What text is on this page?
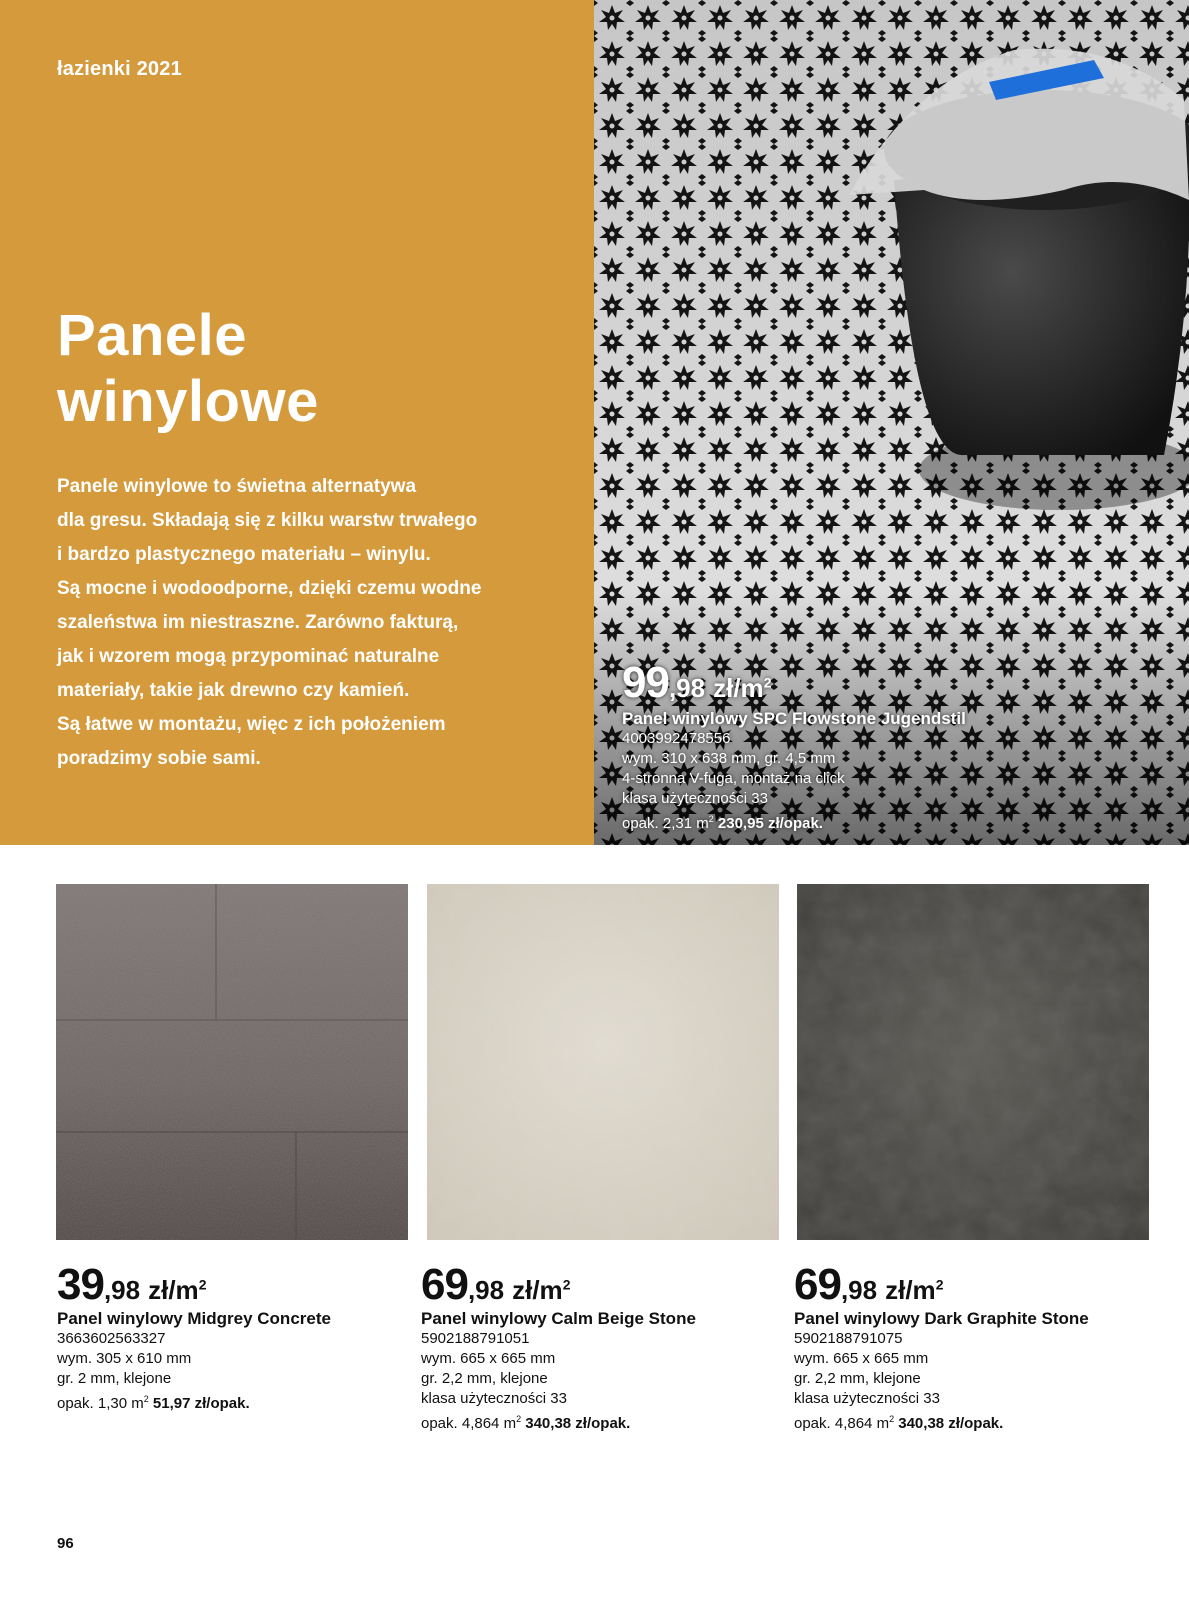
łazienki 2021
Panele
winylowe
Panele winylowe to świetna alternatywa
dla gresu. Składają się z kilku warstw trwałego
i bardzo plastycznego materiału – winylu.
Są mocne i wodoodporne, dzięki czemu wodne
szaleństwa im niestraszne. Zarówno fakturą,
jak i wzorem mogą przypominać naturalne
materiały, takie jak drewno czy kamień.
Są łatwe w montażu, więc z ich położeniem
poradzimy sobie sami.
99 ,98 $zł/m^2$
Panel winylowy SPC Flowstone Jugendstil
4003992478556
wym. 310 x 638 mm, gr. 4,5 mm
4-stronna V-fuga, montaż na click
klasa użyteczności 33
opak. 2,31 $m^2$ 230,95 zł/opak.
39 ,98 $zł/m^2$
Panel winylowy Midgrey Concrete
3663602563327
wym. 305 x 610 mm
gr. 2 mm, klejone
opak. 1,30 $m^2$ 51,97 zł/opak.
69 ,98 $zł/m^2$
Panel winylowy Calm Beige Stone
5902188791051
wym. 665 x 665 mm
gr. 2,2 mm, klejone
klasa użyteczności 33
opak. 4,864 $m^2$ 340,38 zł/opak.
69 ,98 $zł/m^2$
Panel winylowy Dark Graphite Stone
5902188791075
wym. 665 x 665 mm
gr. 2,2 mm, klejone
klasa użyteczności 33
opak. 4,864 $m^2$ 340,38 zł/opak.
96
